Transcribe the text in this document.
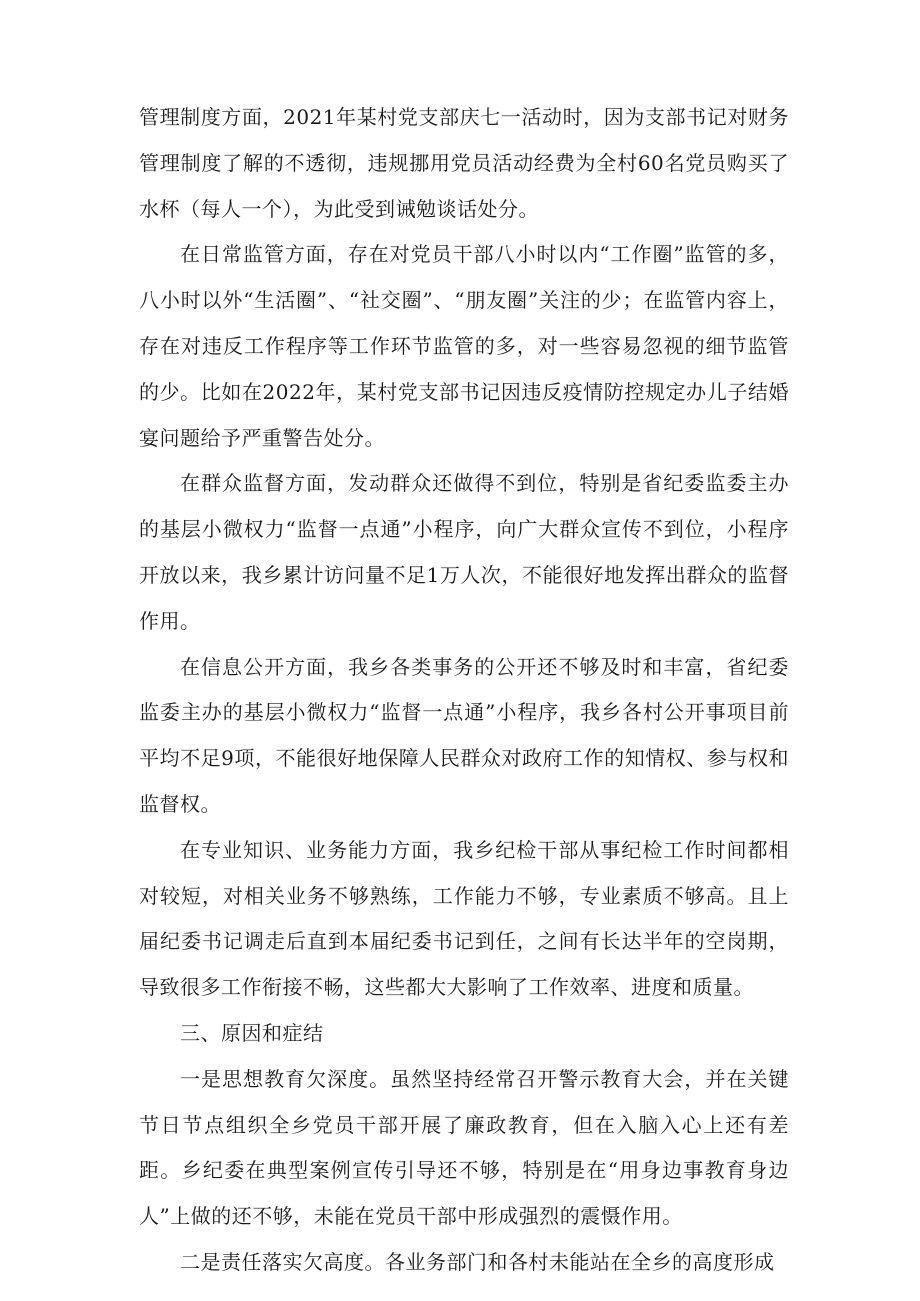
管理制度方面，2021年某村党支部庆七一活动时，因为支部书记对财务管理制度了解的不透彻，违规挪用党员活动经费为全村60名党员购买了水杯（每人一个），为此受到诫勉谈话处分。

在日常监管方面，存在对党员干部八小时以内“工作圈”监管的多，八小时以外“生活圈”、“社交圈”、“朋友圈”关注的少；在监管内容上，存在对违反工作程序等工作环节监管的多，对一些容易忽视的细节监管的少。比如在2022年，某村党支部书记因违反疫情防控规定办儿子结婚宴问题给予严重警告处分。

在群众监督方面，发动群众还做得不到位，特别是省纪委监委主办的基层小微权力“监督一点通”小程序，向广大群众宣传不到位，小程序开放以来，我乡累计访问量不足1万人次，不能很好地发挥出群众的监督作用。

在信息公开方面，我乡各类事务的公开还不够及时和丰富，省纪委监委主办的基层小微权力“监督一点通”小程序，我乡各村公开事项目前平均不足9项，不能很好地保障人民群众对政府工作的知情权、参与权和监督权。

在专业知识、业务能力方面，我乡纪检干部从事纪检工作时间都相对较短，对相关业务不够熟练，工作能力不够，专业素质不够高。且上届纪委书记调走后直到本届纪委书记到任，之间有长达半年的空岗期，导致很多工作衔接不畅，这些都大大影响了工作效率、进度和质量。

三、原因和症结

一是思想教育欠深度。虽然坚持经常召开警示教育大会，并在关键节日节点组织全乡党员干部开展了廉政教育，但在入脑入心上还有差距。乡纪委在典型案例宣传引导还不够，特别是在“用身边事教育身边人”上做的还不够，未能在党员干部中形成强烈的震慑作用。

二是责任落实欠高度。各业务部门和各村未能站在全乡的高度形成
